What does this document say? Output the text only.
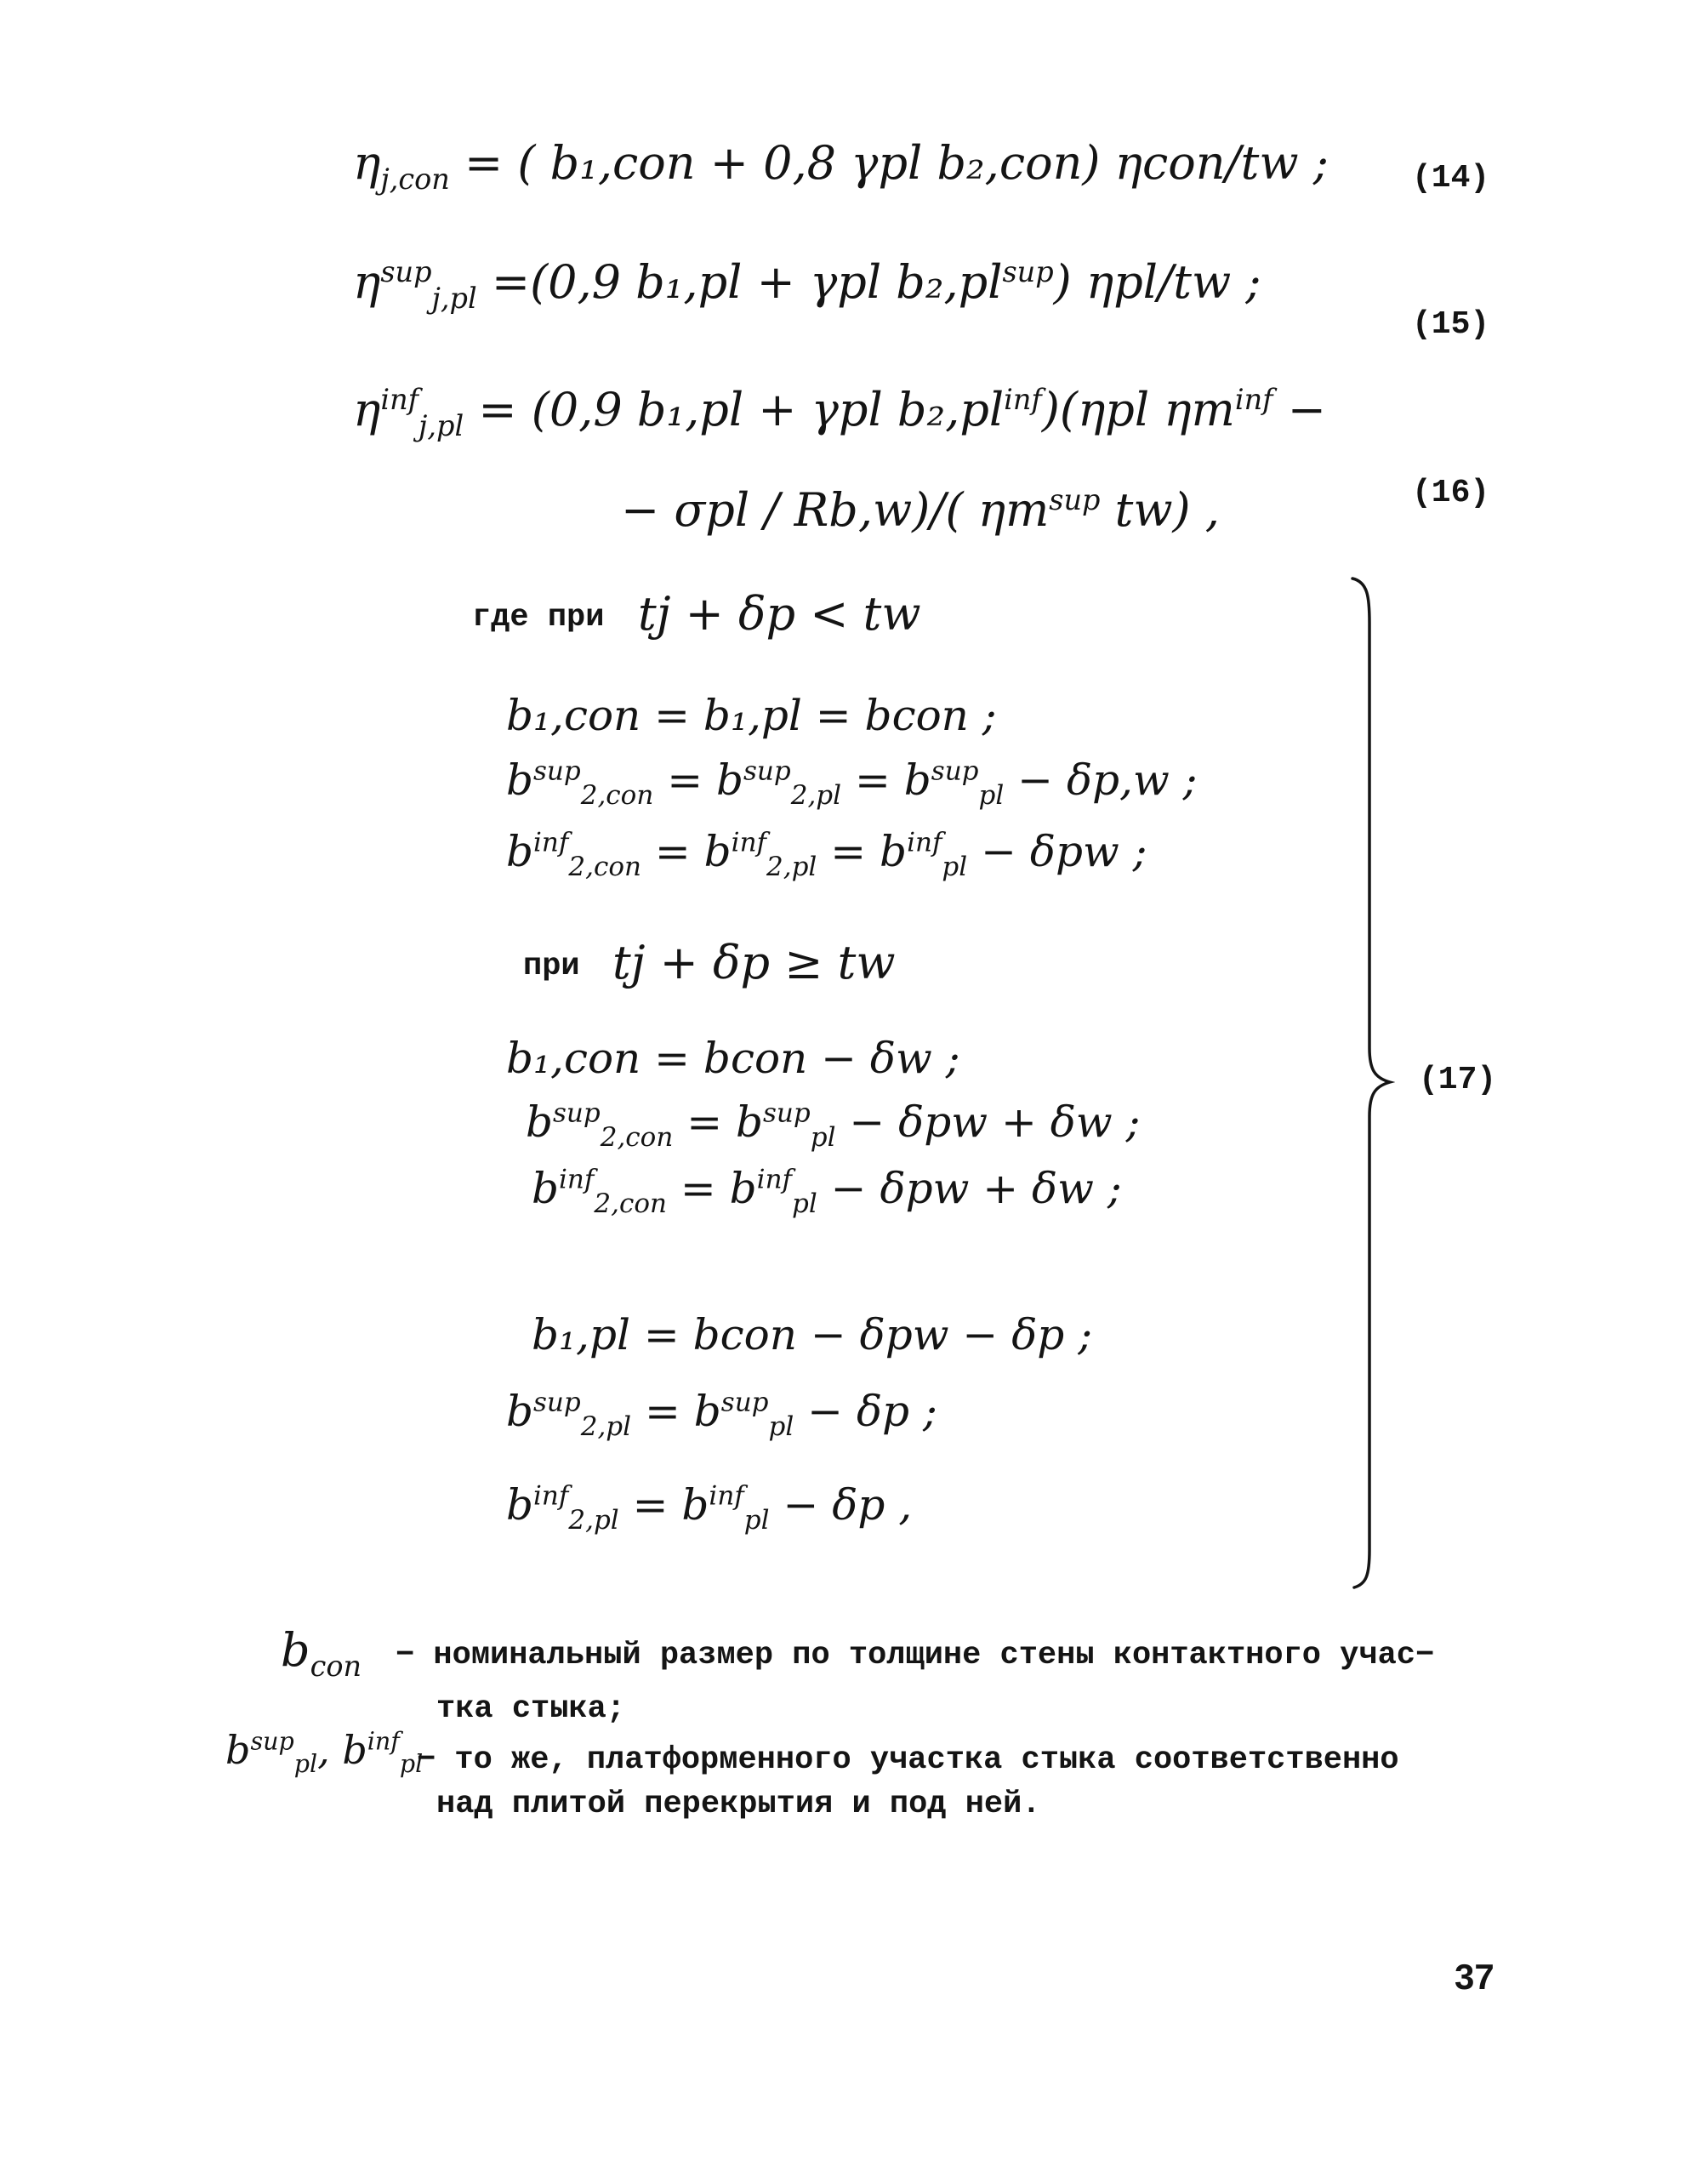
$\eta_{j,con}$ = ( b₁,con + 0,8 γpl b₂,con) ηcon/tw ;	(14)
$\eta^{sup}_{j,pl} =(0,9$ b₁,pl + γpl $b_2,pl^{sup}$) ηpl/tw ;
(15)
$\eta^{inf}_{j,pl} = (0,9$ b₁,pl + γpl $b_2,pl^{inf})(\eta pl$ $\eta m^{inf}$ −
− σpl / Rb,w)/( $\eta m^{sup}$ tw) ,	(16)
где при tj + δp < tw
b₁,con = b₁,pl = bcon ;
$b^{sup}_{2,con} = b^{sup}_{2,pl} = b^{sup}_{pl} - \delta p,w$ ;
$b^{inf}_{2,con} = b^{inf}_{2,pl} = b^{inf}_{pl} - \delta pw$ ;
при tj + δp ≥ tw
b₁,con = bcon − δw ;
$b^{sup}_{2,con} = b^{sup}_{pl} - \delta pw + \delta w$ ;
$b^{inf}_{2,con} = b^{inf}_{pl} - \delta pw + \delta w$ ;
b₁,pl = bcon − δpw − δp ;
$b^{sup}_{2,pl} = b^{sup}_{pl} - \delta p$ ;
$b^{inf}_{2,pl} = b^{inf}_{pl} - \delta p$ ,
(17)
$b_{con}$ − номинальный размер по толщине стены контактного учас−
тка стыка;
$b^{sup}_{pl}$, $b^{inf}_{pl}$
− то же, платформенного участка стыка соответственно
над плитой перекрытия и под ней.
37
